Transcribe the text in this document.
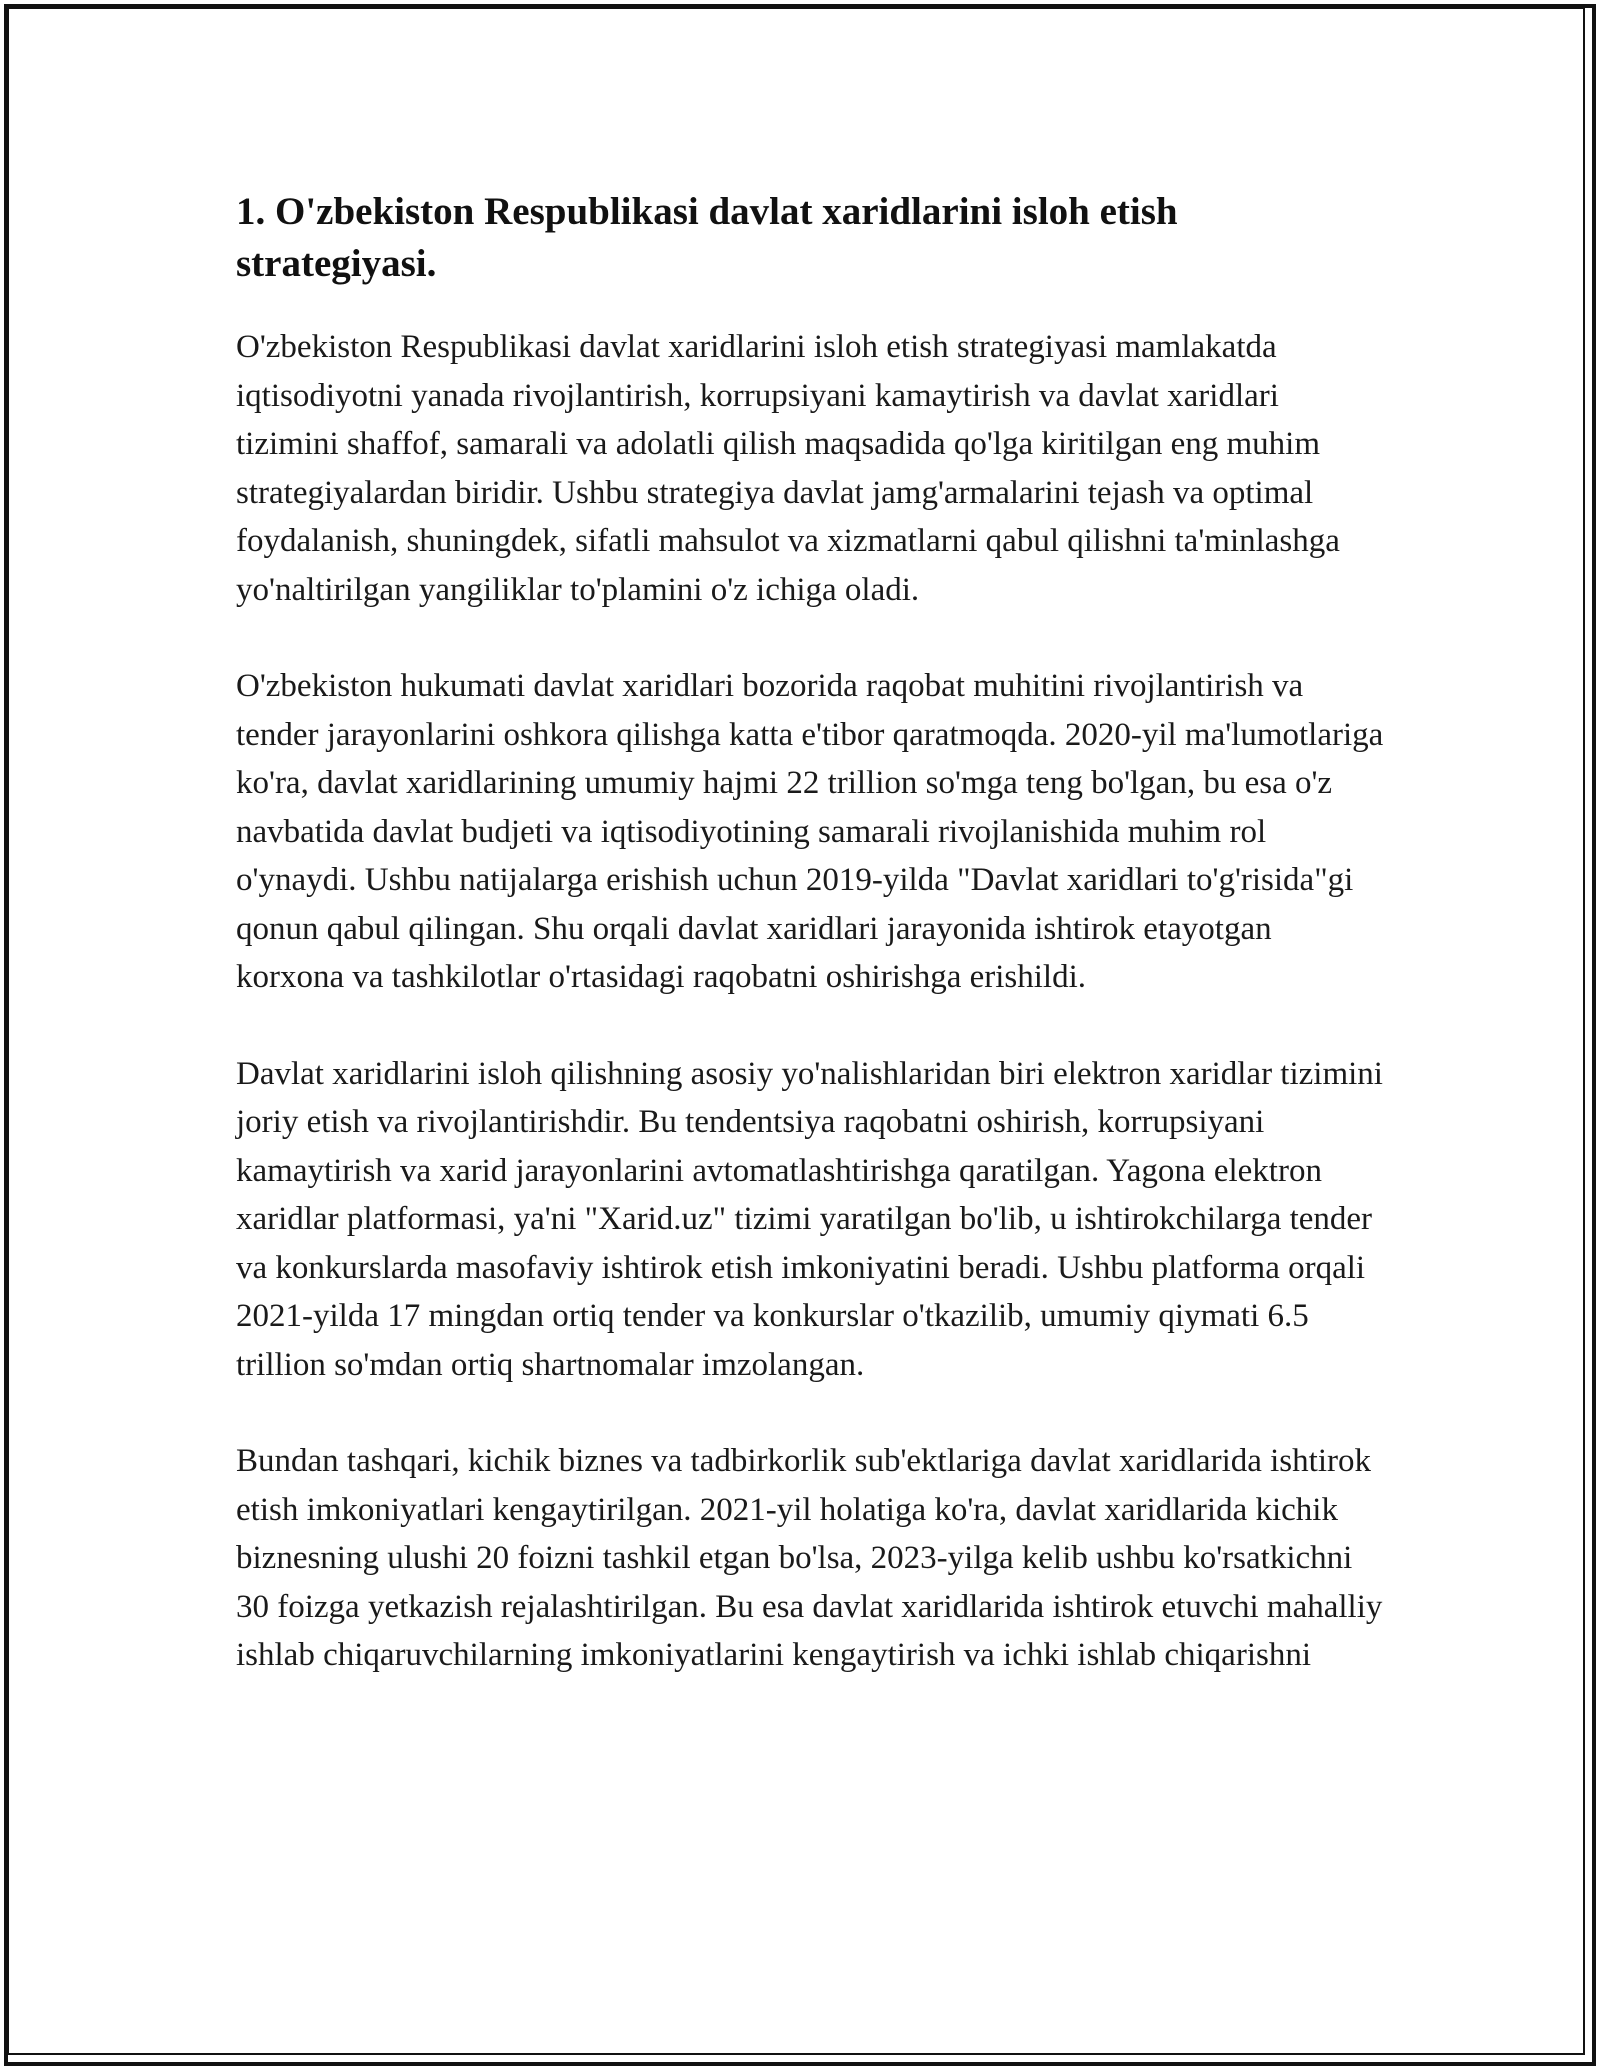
1. O'zbekiston Respublikasi davlat xaridlarini isloh etish strategiyasi.

O'zbekiston Respublikasi davlat xaridlarini isloh etish strategiyasi mamlakatda iqtisodiyotni yanada rivojlantirish, korrupsiyani kamaytirish va davlat xaridlari tizimini shaffof, samarali va adolatli qilish maqsadida qo'lga kiritilgan eng muhim strategiyalardan biridir. Ushbu strategiya davlat jamg'armalarini tejash va optimal foydalanish, shuningdek, sifatli mahsulot va xizmatlarni qabul qilishni ta'minlashga yo'naltirilgan yangiliklar to'plamini o'z ichiga oladi.

O'zbekiston hukumati davlat xaridlari bozorida raqobat muhitini rivojlantirish va tender jarayonlarini oshkora qilishga katta e'tibor qaratmoqda. 2020-yil ma'lumotlariga ko'ra, davlat xaridlarining umumiy hajmi 22 trillion so'mga teng bo'lgan, bu esa o'z navbatida davlat budjeti va iqtisodiyotining samarali rivojlanishida muhim rol o'ynaydi. Ushbu natijalarga erishish uchun 2019-yilda "Davlat xaridlari to'g'risida"gi qonun qabul qilingan. Shu orqali davlat xaridlari jarayonida ishtirok etayotgan korxona va tashkilotlar o'rtasidagi raqobatni oshirishga erishildi.

Davlat xaridlarini isloh qilishning asosiy yo'nalishlaridan biri elektron xaridlar tizimini joriy etish va rivojlantirishdir. Bu tendentsiya raqobatni oshirish, korrupsiyani kamaytirish va xarid jarayonlarini avtomatlashtirishga qaratilgan. Yagona elektron xaridlar platformasi, ya'ni "Xarid.uz" tizimi yaratilgan bo'lib, u ishtirokchilarga tender va konkurslarda masofaviy ishtirok etish imkoniyatini beradi. Ushbu platforma orqali 2021-yilda 17 mingdan ortiq tender va konkurslar o'tkazilib, umumiy qiymati 6.5 trillion so'mdan ortiq shartnomalar imzolangan.

Bundan tashqari, kichik biznes va tadbirkorlik sub'ektlariga davlat xaridlarida ishtirok etish imkoniyatlari kengaytirilgan. 2021-yil holatiga ko'ra, davlat xaridlarida kichik biznesning ulushi 20 foizni tashkil etgan bo'lsa, 2023-yilga kelib ushbu ko'rsatkichni 30 foizga yetkazish rejalashtirilgan. Bu esa davlat xaridlarida ishtirok etuvchi mahalliy ishlab chiqaruvchilarning imkoniyatlarini kengaytirish va ichki ishlab chiqarishni
